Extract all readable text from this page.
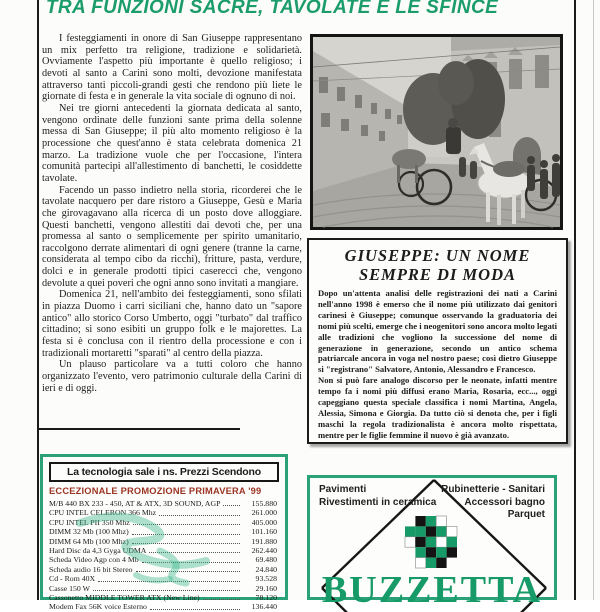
TRA FUNZIONI SACRE, TAVOLATE E LE SFINCE

I festeggiamenti in onore di San Giuseppe rappresentano un mix perfetto tra religione, tradizione e solidarietà. Ovviamente l'aspetto più importante è quello religioso; i devoti al santo a Carini sono molti, devozione manifestata attraverso tanti piccoli-grandi gesti che rendono più liete le giornate di festa e in generale la vita sociale di ognuno di noi.

Nei tre giorni antecedenti la giornata dedicata al santo, vengono ordinate delle funzioni sante prima della solenne messa di San Giuseppe; il più alto momento religioso è la processione che quest'anno è stata celebrata domenica 21 marzo. La tradizione vuole che per l'occasione, l'intera comunità partecipi all'allestimento di banchetti, le cosiddette tavolate.

Facendo un passo indietro nella storia, ricorderei che le tavolate nacquero per dare ristoro a Giuseppe, Gesù e Maria che girovagavano alla ricerca di un posto dove alloggiare. Questi banchetti, vengono allestiti dai devoti che, per una promessa al santo o semplicemente per spirito umanitario, raccolgono derrate alimentari di ogni genere (tranne la carne, considerata al tempo cibo da ricchi), fritture, pasta, verdure, dolci e in generale prodotti tipici caserecci che, vengono devolute a quei poveri che ogni anno sono invitati a mangiare.

Domenica 21, nell'ambito dei festeggiamenti, sono sfilati in piazza Duomo i carri siciliani che, hanno dato un "sapore antico" allo storico Corso Umberto, oggi "turbato" dal traffico cittadino; si sono esibiti un gruppo folk e le majorettes. La festa si è conclusa con il rientro della processione e con i tradizionali mortaretti "sparati" al centro della piazza.

Un plauso particolare va a tutti coloro che hanno organizzato l'evento, vero patrimonio culturale della Carini di ieri e di oggi.

GIUSEPPE: UN NOME
SEMPRE DI MODA

Dopo un'attenta analisi delle registrazioni dei nati a Carini nell'anno 1998 è emerso che il nome più utilizzato dai genitori carinesi è Giuseppe; comunque osservando la graduatoria dei nomi più scelti, emerge che i neogenitori sono ancora molto legati alle tradizioni che vogliono la successione del nome di generazione in generazione, secondo un antico schema patriarcale ancora in voga nel nostro paese; così dietro Giuseppe si "registrano" Salvatore, Antonio, Alessandro e Francesco.

Non si può fare analogo discorso per le neonate, infatti mentre tempo fa i nomi più diffusi erano Maria, Rosaria, ecc..., oggi capeggiano questa speciale classifica i nomi Martina, Angela, Alessia, Simona e Giorgia. Da tutto ciò si denota che, per i figli maschi la regola tradizionalista è ancora molto rispettata, mentre per le figlie femmine il nuovo è già avanzato.

La tecnologia sale i ns. Prezzi Scendono
ECCEZIONALE PROMOZIONE PRIMAVERA '99
M/B 440 BX 233 - 450, AT & ATX, 3D SOUND, AGP	155.880
CPU INTEL CELERON 366 Mhz	261.000
CPU INTEL PII 350 Mhz	405.000
DIMM 32 Mb (100 Mhz)	101.160
DIMM 64 Mb (100 Mhz)	191.880
Hard Disc da 4,3 Gyga UDMA	262.440
Scheda Video Agp con 4 Mb	69.480
Scheda audio 16 bit Stereo	24.840
Cd - Rom 40X	93.528
Casse 150 W	29.160
Cassonetto MIDDLE TOWER ATX (New Line)	78.120
Modem Fax 56K voice Esterno	136.440
Pavimenti
Rivestimenti in ceramica
Rubinetterie - Sanitari
Accessori bagno
Parquet
BUZZETTA
